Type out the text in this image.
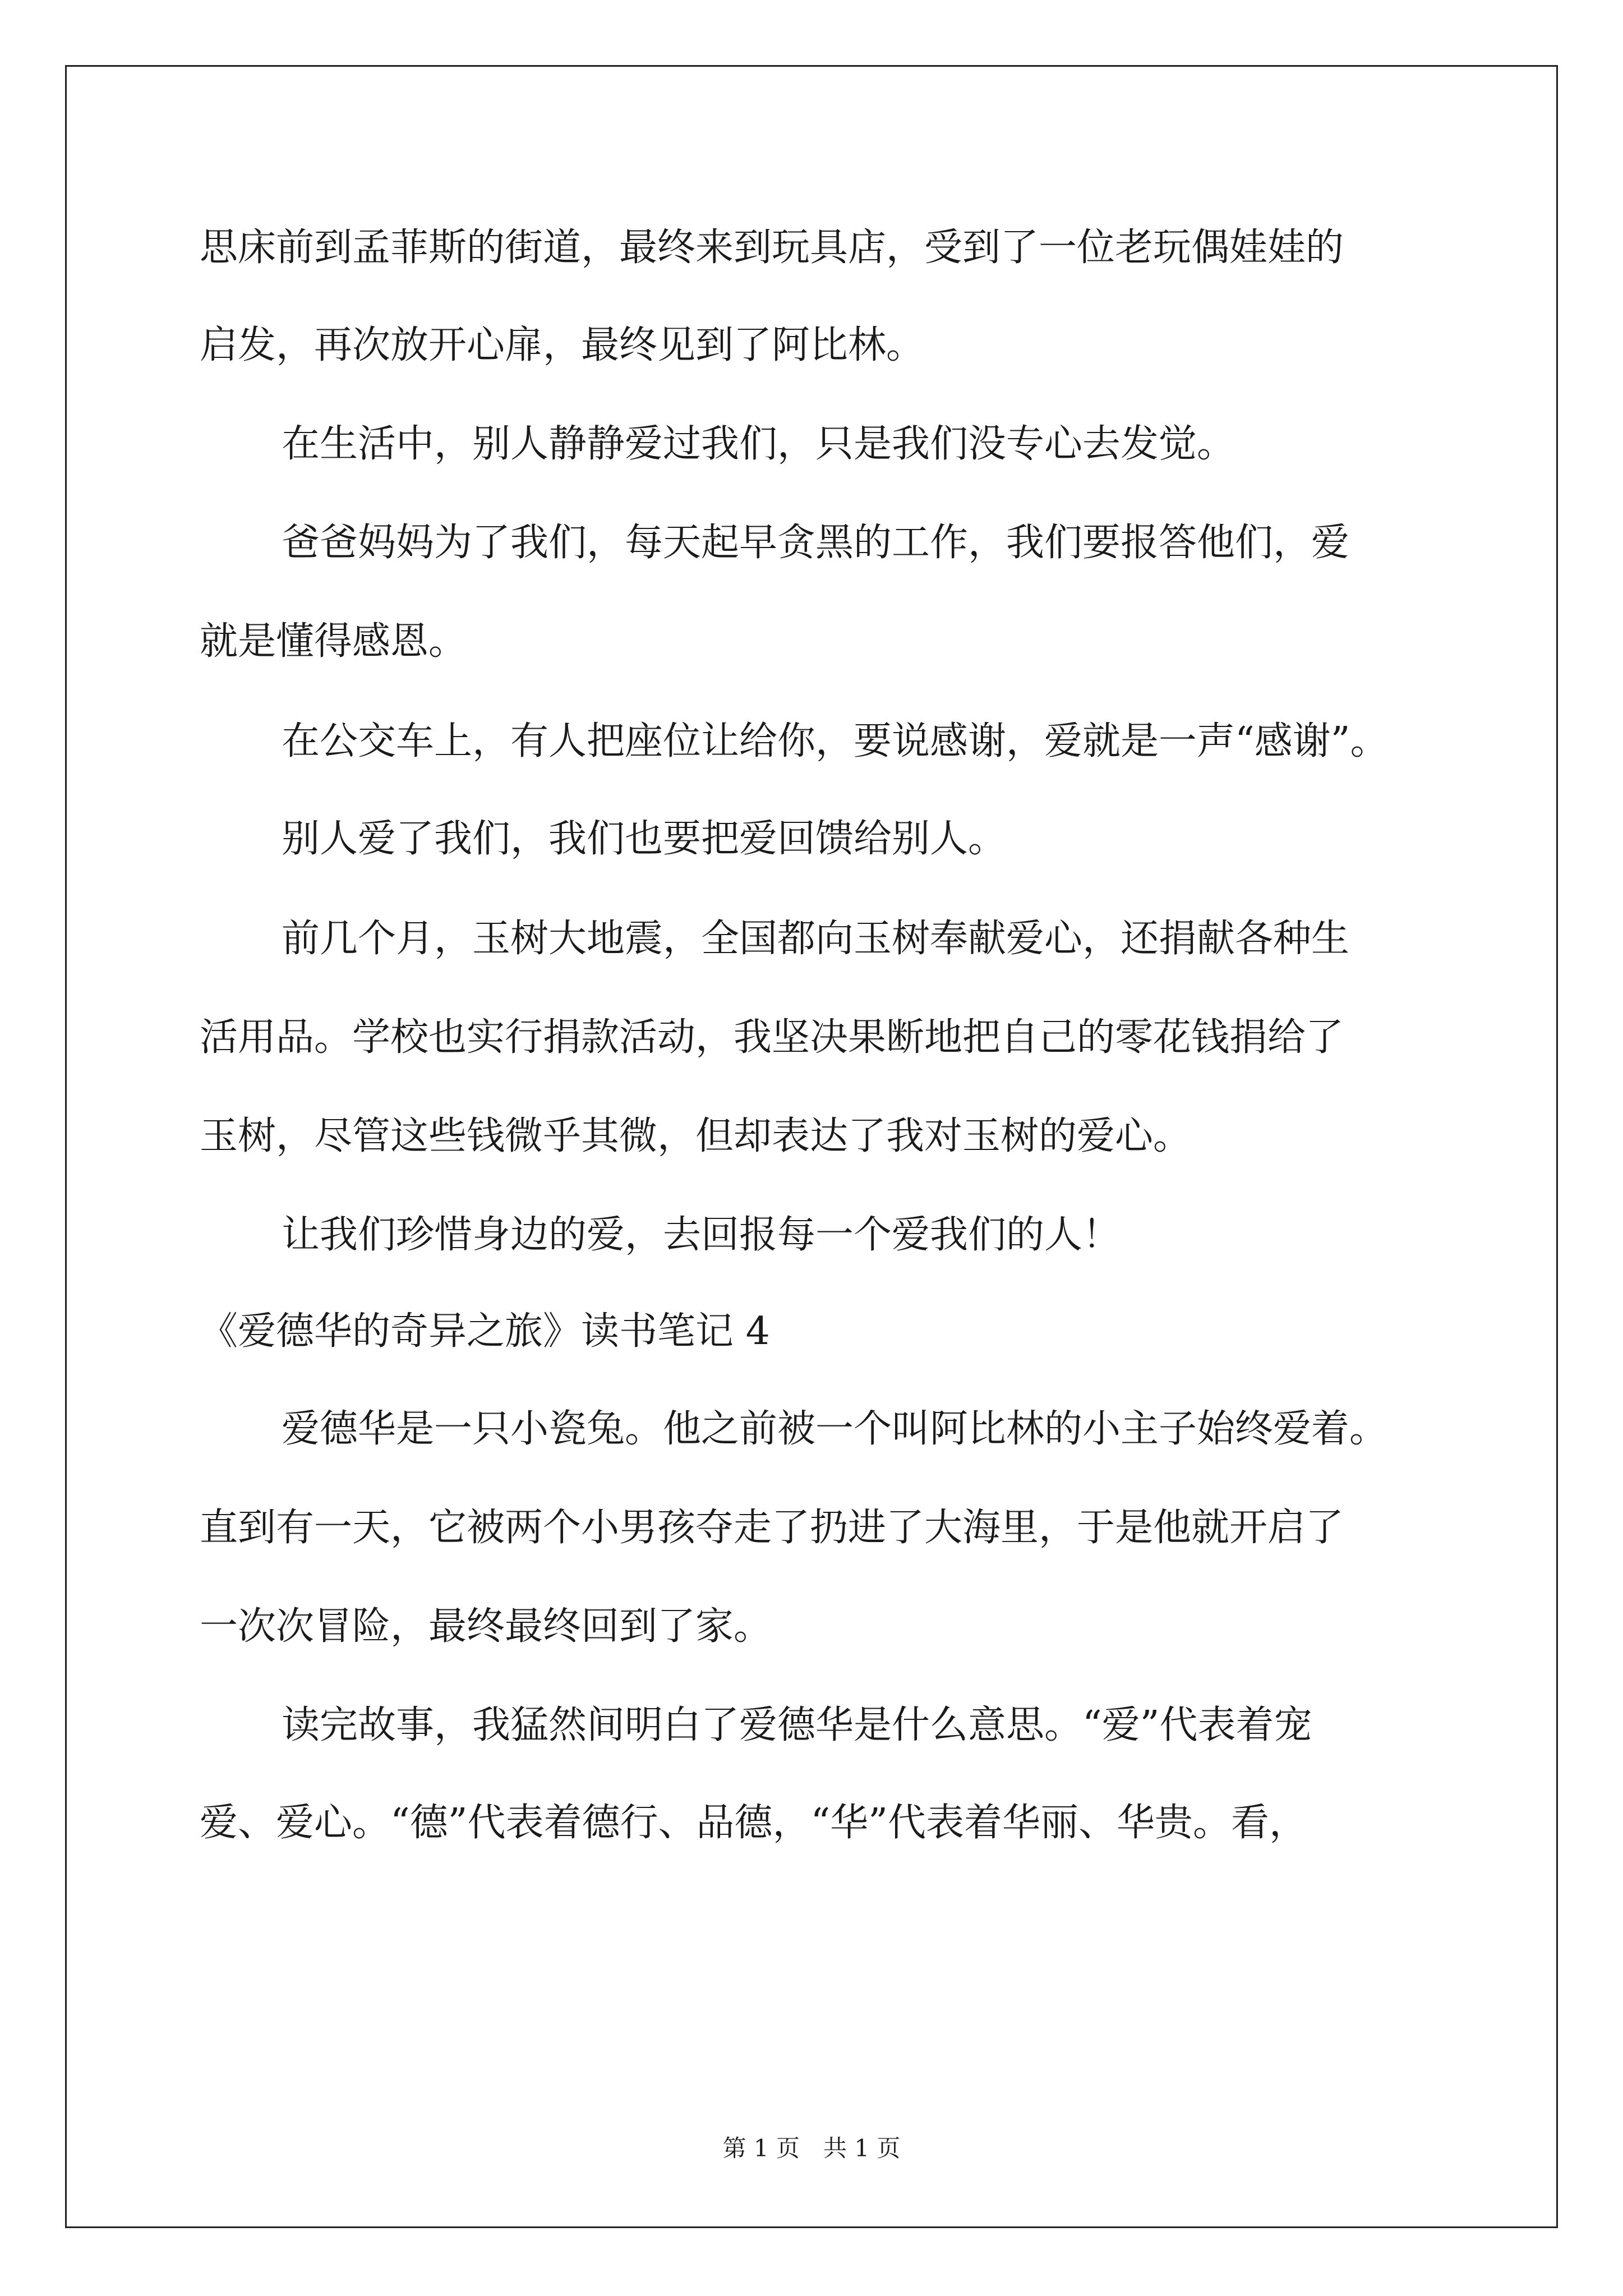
思床前到孟菲斯的街道，最终来到玩具店，受到了一位老玩偶娃娃的

启发，再次放开心扉，最终见到了阿比林。

在生活中，别人静静爱过我们，只是我们没专心去发觉。

爸爸妈妈为了我们，每天起早贪黑的工作，我们要报答他们，爱

就是懂得感恩。

在公交车上，有人把座位让给你，要说感谢，爱就是一声“感谢”。

别人爱了我们，我们也要把爱回馈给别人。

前几个月，玉树大地震，全国都向玉树奉献爱心，还捐献各种生

活用品。学校也实行捐款活动，我坚决果断地把自己的零花钱捐给了

玉树，尽管这些钱微乎其微，但却表达了我对玉树的爱心。

让我们珍惜身边的爱，去回报每一个爱我们的人！

《爱德华的奇异之旅》读书笔记 4

爱德华是一只小瓷兔。他之前被一个叫阿比林的小主子始终爱着。

直到有一天，它被两个小男孩夺走了扔进了大海里，于是他就开启了

一次次冒险，最终最终回到了家。

读完故事，我猛然间明白了爱德华是什么意思。“爱”代表着宠

爱、爱心。“德”代表着德行、品德，“华”代表着华丽、华贵。看，

第 1 页　共 1 页
